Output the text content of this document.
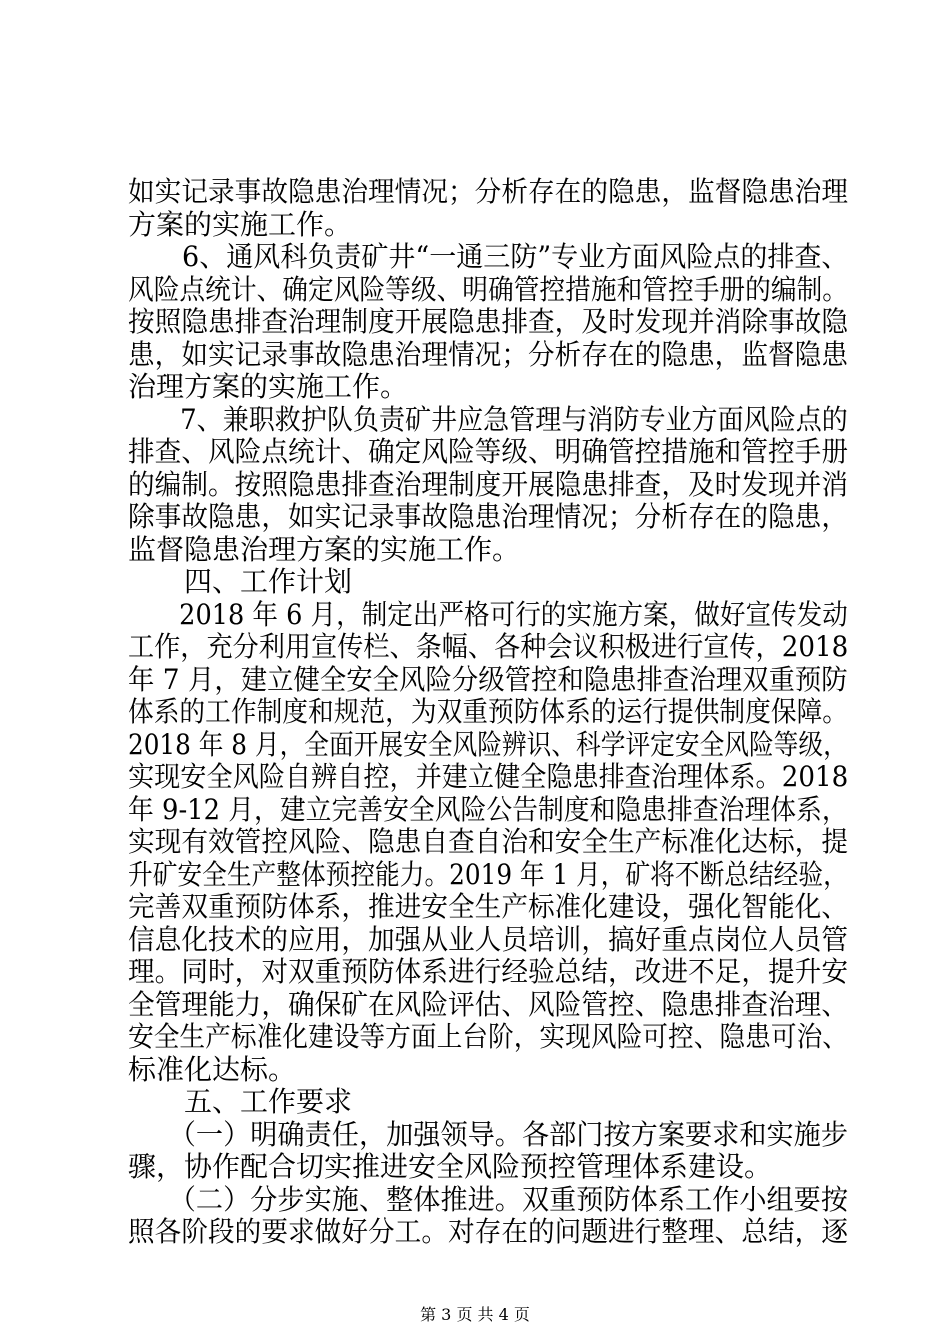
如实记录事故隐患治理情况；分析存在的隐患，监督隐患治理
方案的实施工作。
　　6、通风科负责矿井“一通三防”专业方面风险点的排查、
风险点统计、确定风险等级、明确管控措施和管控手册的编制。
按照隐患排查治理制度开展隐患排查，及时发现并消除事故隐
患，如实记录事故隐患治理情况；分析存在的隐患，监督隐患
治理方案的实施工作。
　　7、兼职救护队负责矿井应急管理与消防专业方面风险点的
排查、风险点统计、确定风险等级、明确管控措施和管控手册
的编制。按照隐患排查治理制度开展隐患排查，及时发现并消
除事故隐患，如实记录事故隐患治理情况；分析存在的隐患，
监督隐患治理方案的实施工作。
　　四、工作计划
　　2018 年 6 月，制定出严格可行的实施方案，做好宣传发动
工作，充分利用宣传栏、条幅、各种会议积极进行宣传，2018
年 7 月，建立健全安全风险分级管控和隐患排查治理双重预防
体系的工作制度和规范，为双重预防体系的运行提供制度保障。
2018 年 8 月，全面开展安全风险辨识、科学评定安全风险等级，
实现安全风险自辨自控，并建立健全隐患排查治理体系。2018
年 9-12 月，建立完善安全风险公告制度和隐患排查治理体系，
实现有效管控风险、隐患自查自治和安全生产标准化达标，提
升矿安全生产整体预控能力。2019 年 1 月，矿将不断总结经验，
完善双重预防体系，推进安全生产标准化建设，强化智能化、
信息化技术的应用，加强从业人员培训，搞好重点岗位人员管
理。同时，对双重预防体系进行经验总结，改进不足，提升安
全管理能力，确保矿在风险评估、风险管控、隐患排查治理、
安全生产标准化建设等方面上台阶，实现风险可控、隐患可治、
标准化达标。
　　五、工作要求
　　（一）明确责任，加强领导。各部门按方案要求和实施步
骤，协作配合切实推进安全风险预控管理体系建设。
　　（二）分步实施、整体推进。双重预防体系工作小组要按
照各阶段的要求做好分工。对存在的问题进行整理、总结，逐
第 3 页 共 4 页
